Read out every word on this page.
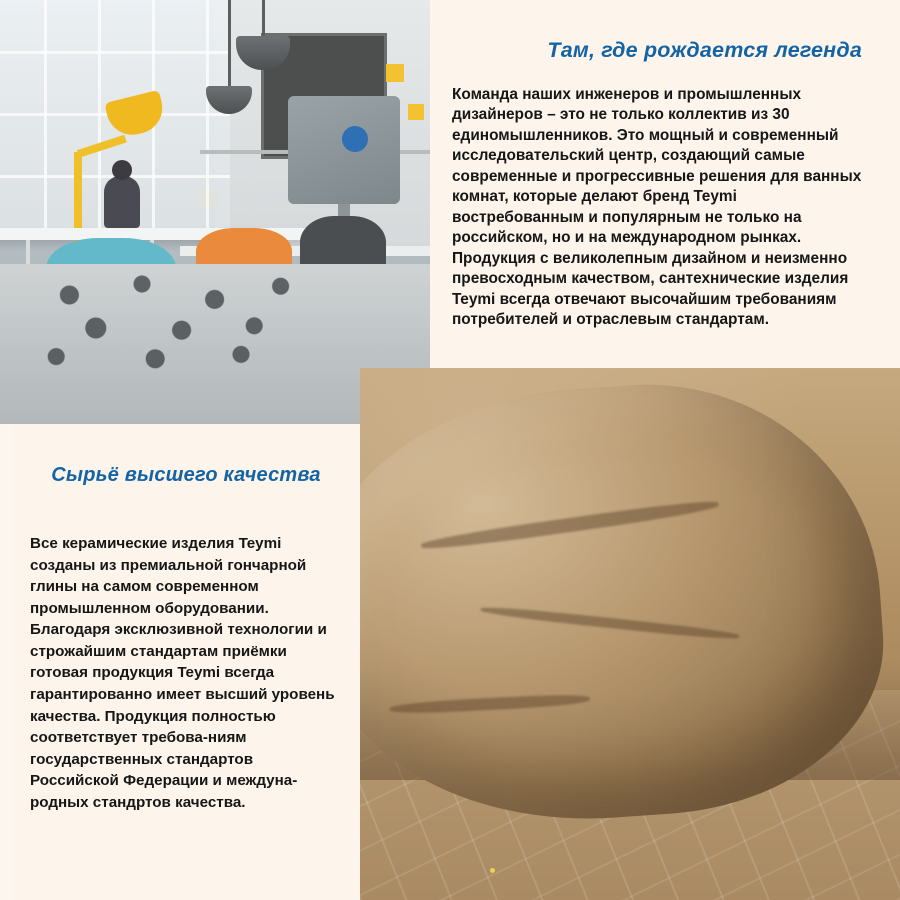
Там, где рождается легенда
Команда наших инженеров и промышленных дизайнеров – это не только коллектив из 30 единомышленников. Это мощный и современный исследовательский центр, создающий самые современные и прогрессивные решения для ванных комнат, которые делают бренд Teymi востребованным и популярным не только на российском, но и на международном рынках. Продукция с великолепным дизайном и неизменно превосходным качеством, сантехнические изделия Teymi всегда отвечают высочайшим требованиям потребителей и отраслевым стандартам.
Сырьё высшего качества
Все керамические изделия Teymi созданы из премиальной гончарной глины на самом современном промышленном оборудовании. Благодаря эксклюзивной технологии и строжайшим стандартам приёмки готовая продукция Teymi всегда гарантированно имеет высший уровень качества. Продукция полностью соответствует требова-ниям государственных стандартов Российской Федерации и междуна-родных стандртов качества.
